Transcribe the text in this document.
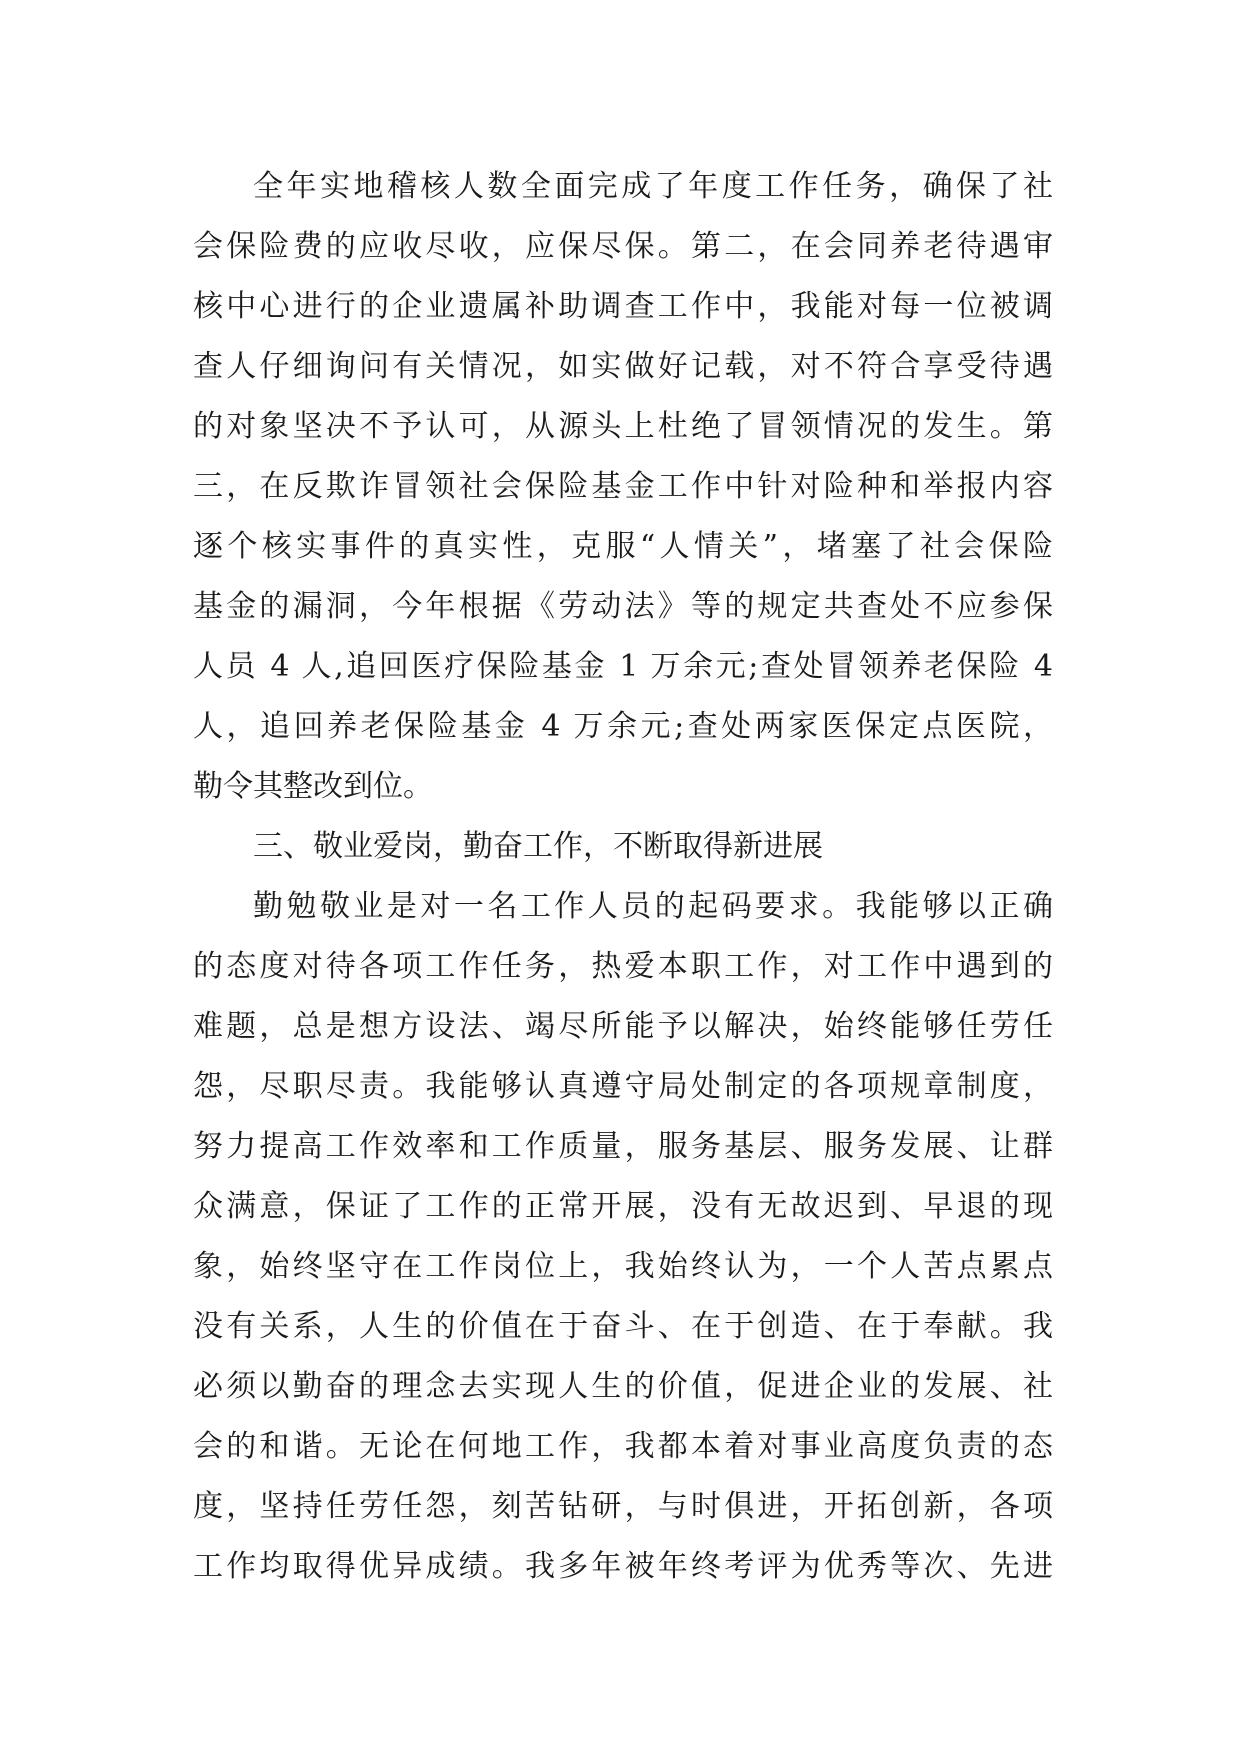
全年实地稽核人数全面完成了年度工作任务，确保了社
会保险费的应收尽收，应保尽保。第二，在会同养老待遇审
核中心进行的企业遗属补助调查工作中，我能对每一位被调
查人仔细询问有关情况，如实做好记载，对不符合享受待遇
的对象坚决不予认可，从源头上杜绝了冒领情况的发生。第
三，在反欺诈冒领社会保险基金工作中针对险种和举报内容
逐个核实事件的真实性，克服“人情关”，堵塞了社会保险
基金的漏洞，今年根据《劳动法》等的规定共查处不应参保
人员 4 人,追回医疗保险基金 1 万余元;查处冒领养老保险 4
人，追回养老保险基金 4 万余元;查处两家医保定点医院，
勒令其整改到位。
三、敬业爱岗，勤奋工作，不断取得新进展
勤勉敬业是对一名工作人员的起码要求。我能够以正确
的态度对待各项工作任务，热爱本职工作，对工作中遇到的
难题，总是想方设法、竭尽所能予以解决，始终能够任劳任
怨，尽职尽责。我能够认真遵守局处制定的各项规章制度，
努力提高工作效率和工作质量，服务基层、服务发展、让群
众满意，保证了工作的正常开展，没有无故迟到、早退的现
象，始终坚守在工作岗位上，我始终认为，一个人苦点累点
没有关系，人生的价值在于奋斗、在于创造、在于奉献。我
必须以勤奋的理念去实现人生的价值，促进企业的发展、社
会的和谐。无论在何地工作，我都本着对事业高度负责的态
度，坚持任劳任怨，刻苦钻研，与时俱进，开拓创新，各项
工作均取得优异成绩。我多年被年终考评为优秀等次、先进
